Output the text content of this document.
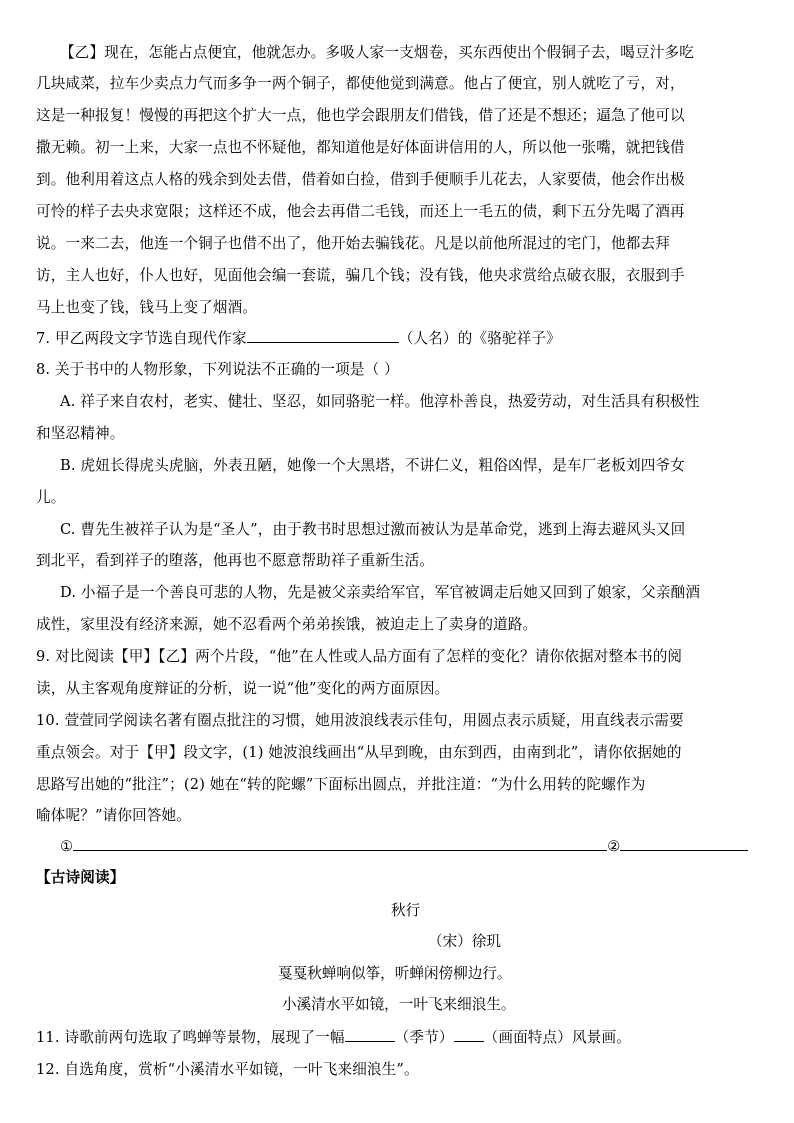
【乙】现在，怎能占点便宜，他就怎办。多吸人家一支烟卷，买东西使出个假铜子去，喝豆汁多吃
几块咸菜，拉车少卖点力气而多争一两个铜子，都使他觉到满意。他占了便宜，别人就吃了亏，对，
这是一种报复！慢慢的再把这个扩大一点，他也学会跟朋友们借钱，借了还是不想还；逼急了他可以
撒无赖。初一上来，大家一点也不怀疑他，都知道他是好体面讲信用的人，所以他一张嘴，就把钱借
到。他利用着这点人格的残余到处去借，借着如白捡，借到手便顺手儿花去，人家要债，他会作出极
可怜的样子去央求宽限；这样还不成，他会去再借二毛钱，而还上一毛五的债，剩下五分先喝了酒再
说。一来二去，他连一个铜子也借不出了，他开始去骗钱花。凡是以前他所混过的宅门，他都去拜
访，主人也好，仆人也好，见面他会编一套谎，骗几个钱；没有钱，他央求赏给点破衣服，衣服到手
马上也变了钱，钱马上变了烟酒。
7. 甲乙两段文字节选自现代作家	（人名）的《骆驼祥子》
8. 关于书中的人物形象，下列说法不正确的一项是（ ）
A. 祥子来自农村，老实、健壮、坚忍，如同骆驼一样。他淳朴善良，热爱劳动，对生活具有积极性
和坚忍精神。
B. 虎妞长得虎头虎脑，外表丑陋，她像一个大黑塔，不讲仁义，粗俗凶悍，是车厂老板刘四爷女
儿。
C. 曹先生被祥子认为是“圣人”，由于教书时思想过激而被认为是革命党，逃到上海去避风头又回
到北平，看到祥子的堕落，他再也不愿意帮助祥子重新生活。
D. 小福子是一个善良可悲的人物，先是被父亲卖给军官，军官被调走后她又回到了娘家，父亲酗酒
成性，家里没有经济来源，她不忍看两个弟弟挨饿，被迫走上了卖身的道路。
9. 对比阅读【甲】【乙】两个片段，“他”在人性或人品方面有了怎样的变化？请你依据对整本书的阅
读，从主客观角度辩证的分析，说一说“他”变化的两方面原因。
10. 萱萱同学阅读名著有圈点批注的习惯，她用波浪线表示佳句，用圆点表示质疑，用直线表示需要
重点领会。对于【甲】段文字，(1) 她波浪线画出“从早到晚，由东到西，由南到北”，请你依据她的
思路写出她的“批注”；(2) 她在“转的陀螺”下面标出圆点，并批注道：“为什么用转的陀螺作为
喻体呢？”请你回答她。
①	②
【古诗阅读】
秋行
（宋）徐玑
戛戛秋蝉响似筝，听蝉闲傍柳边行。
小溪清水平如镜，一叶飞来细浪生。
11. 诗歌前两句选取了鸣蝉等景物，展现了一幅	（季节） （画面特点）风景画。
12. 自选角度，赏析“小溪清水平如镜，一叶飞来细浪生”。
